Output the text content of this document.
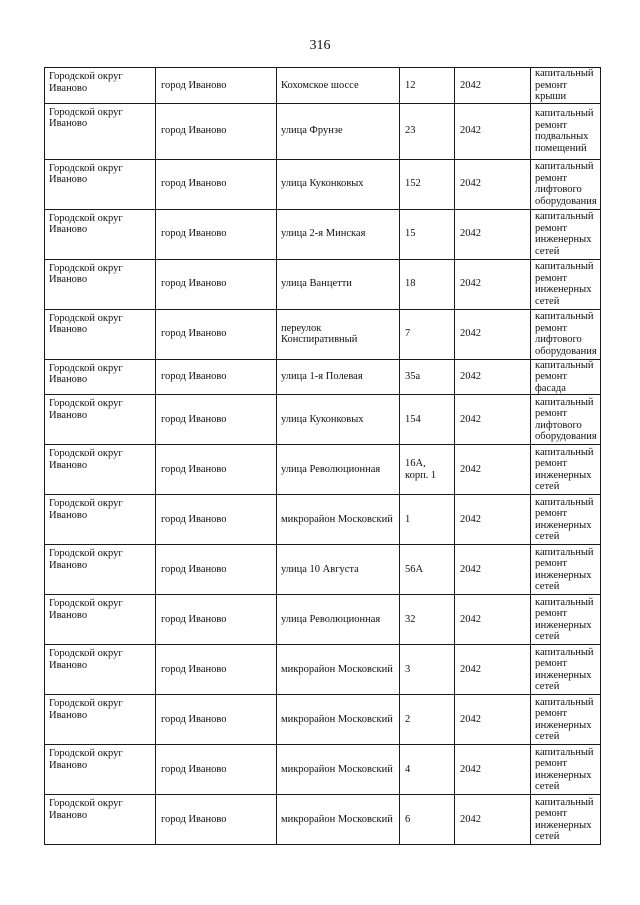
316
Городской округ Иваново	город Иваново	Кохомское шоссе	12	2042	капитальный ремонт крыши
Городской округ Иваново	город Иваново	улица Фрунзе	23	2042	капитальный ремонт подвальных помещений
Городской округ Иваново	город Иваново	улица Куконковых	152	2042	капитальный ремонт лифтового оборудования
Городской округ Иваново	город Иваново	улица 2-я Минская	15	2042	капитальный ремонт инженерных сетей
Городской округ Иваново	город Иваново	улица Ванцетти	18	2042	капитальный ремонт инженерных сетей
Городской округ Иваново	город Иваново	переулок Конспиративный	7	2042	капитальный ремонт лифтового оборудования
Городской округ Иваново	город Иваново	улица 1-я Полевая	35а	2042	капитальный ремонт фасада
Городской округ Иваново	город Иваново	улица Куконковых	154	2042	капитальный ремонт лифтового оборудования
Городской округ Иваново	город Иваново	улица Революционная	16А, корп. 1	2042	капитальный ремонт инженерных сетей
Городской округ Иваново	город Иваново	микрорайон Московский	1	2042	капитальный ремонт инженерных сетей
Городской округ Иваново	город Иваново	улица 10 Августа	56А	2042	капитальный ремонт инженерных сетей
Городской округ Иваново	город Иваново	улица Революционная	32	2042	капитальный ремонт инженерных сетей
Городской округ Иваново	город Иваново	микрорайон Московский	3	2042	капитальный ремонт инженерных сетей
Городской округ Иваново	город Иваново	микрорайон Московский	2	2042	капитальный ремонт инженерных сетей
Городской округ Иваново	город Иваново	микрорайон Московский	4	2042	капитальный ремонт инженерных сетей
Городской округ Иваново	город Иваново	микрорайон Московский	6	2042	капитальный ремонт инженерных сетей
